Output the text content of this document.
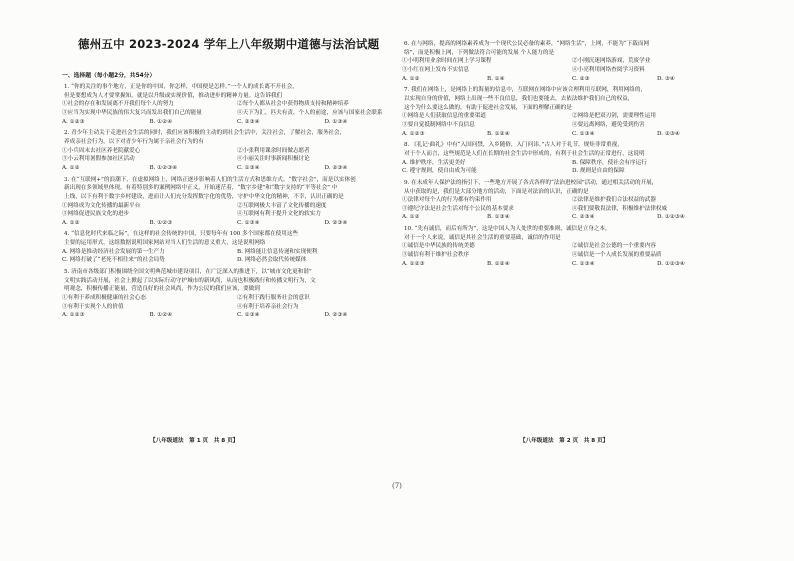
德州五中 2023-2024 学年上八年级期中道德与法治试题
一、选择题（每小题2分，共54分）
1. “你的关注的事个地方，正是你的中国，你怎样，中国便是怎样。”一个人的成长离不开社会，
但是要想成为人才要掌握知，就是以升级或实现价值，推动进步的精神力量。这告诉我们
①社会的存在和发展离不开我们每个人的努力	②每个人都从社会中获得物质支持和精神培养
③应当为实现中华民族的伟大复兴而发出我们自己的能量	④天下为汇，匹夫有责，个人的前途，应该与国家社会联系
A. ①②③	B. ①②④	C. ②③④	D. ①③④
2. 青少年主动关于走进社会生活的同时，我们应该积极的主动的到社会生活中，关注社会，了解社会，服务社会，
养成亲社会行为，以下对青少年行为属于亲社会行为的有
①小兵周末去社区养老院献爱心	②小张利用课余时间做志愿者
③小云利用暑假参加社区活动	④小丽关注时事新闻积极讨论
A. ①②	B. ①②③④	C. ①③④	D. ②③④
3. 在“互联网+”的浪潮下，在虚拟网络上，网络正逐步影响着人们的生活方式和思维方式。“数字社会”，而是以实体创
新出现在多领域里体现，有着特别多的案例网络中正义，开始迷茫着，“数字乡建”和“数字支持的“平等社会” 中
上线，以下有利于数字乡村建设，进而让人们充分发挥数字化的优势，守护中华文化的精神，不幸，认识正确的是
①网络成为文化传播的最新平台	②互联网极大丰富了文化传播的速度
③网络促进民族文化的进步	④互联网有利于提升文化的软实力
A. ①②	B. ①②③	C. ①③④	D. ②③④
4. “信息化时代来临之际”，在这样的社会传统的中国，只要每年有 100 多个国家都在使用这些
主要的运用形式，这组数据说明国家网站对当人们生活的意义重大，这是说明网络
A. 网络是推动经济社会发展的第一生产力	B. 网络能让信息传递和实现便利
C. 网络打破了“老死不相往来”的社会局势	D. 网络必然会取代传统媒体
5. 济南市各级部门积极围绕全国文明典范城市建设项目，在广泛深入的推进下，以“城市文化更和谐”
文明实践活动开展，社会上掀起了以实际行动守护城市的新风尚，从而也积极践行和传播文明行为，文
明观念，积极传播正能量，营造良好的社会风尚，作为公民的我们应该，要做到
①有利于养成积极健康的社会心态	②有利于践行服务社会的意识
③有利于实现个人的价值	④有利于培养亲社会行为
A. ①②③	B. ①②④	C. ①③④	D. ②③④
6. 在与网络，提高的网络素养成为一个现代公民必备的素养，“网络生活”，上网，不能为“下载而网
络”，而是积极上网，下列做法符合可能的发展 个人能力的是
①小明利用业余时间在网上学习课程	②小刚沉迷网络游戏，荒废学业
③小红在网上发布不实信息	④小亮利用网络查阅学习资料
A. ①②	B. ①④	C. ②③	D. ③④
7. 我们在网络上，是网络上的海量的信息中，互联网在网络中应该合理利用互联网，利用网络的，
以实现自身的价值，网络上出现一些不良信息，我们也要能去，去依法维护我们自己的权益，
这个为什么要这么做的，有助于促进社会发展，下面的理解正确的是
①网络是人们获取信息的重要渠道	②网络是把双刃剑，需要理性运用
③要自觉抵制网络中不良信息	④要远离网络，避免受到伤害
A. ①②③	B. ①②④	C. ①③④	D. ②③④
8. 《礼记·曲礼》中有“入国问禁，入乡随俗，入门问讳。”古人对于礼节、规矩非常重视，
对于个人而言，这些规范是人们在长期的社会生活中形成的，有利于社会生活的正常进行，这说明
A. 维护秩序，生活更美好	B. 保障秩序，使社会有序运行
C. 遵守规则，使自由成为可能	D. 规则是自由的保障
9. 在未成年人保护法的指引下，一些地方开展了各式各样的“法治进校园”活动，通过相关活动的开展，
从中获取的是，我们是大部分地方的活动，下面是对法治的认识，正确的是
①法律对每个人的行为都有约束作用	②法律是维护我们合法权益的武器
③遵纪守法是社会生活对每个公民的基本要求	④我们要敬畏法律，积极维护法律权威
A. ①②	B. ①③④	C. ②③④	D. ①②③④
10. “先有诚信，而后有所为”，这是中国人为人处世的重要准则，诚信是立身之本，
对于一个人来说，诚信是其社会生活的重要基础，诚信的作用是
①诚信是中华民族的传统美德	②诚信是社会公德的一个重要内容
③诚信有利于维护社会秩序	④诚信是一个人成长发展的重要品质
A. ①②③	B. ①②④	C. ①③④	D. ①②③④
【八年级道法　第 1 页　共 8 页】	【八年级道法　第 2 页　共 8 页】
(7)
